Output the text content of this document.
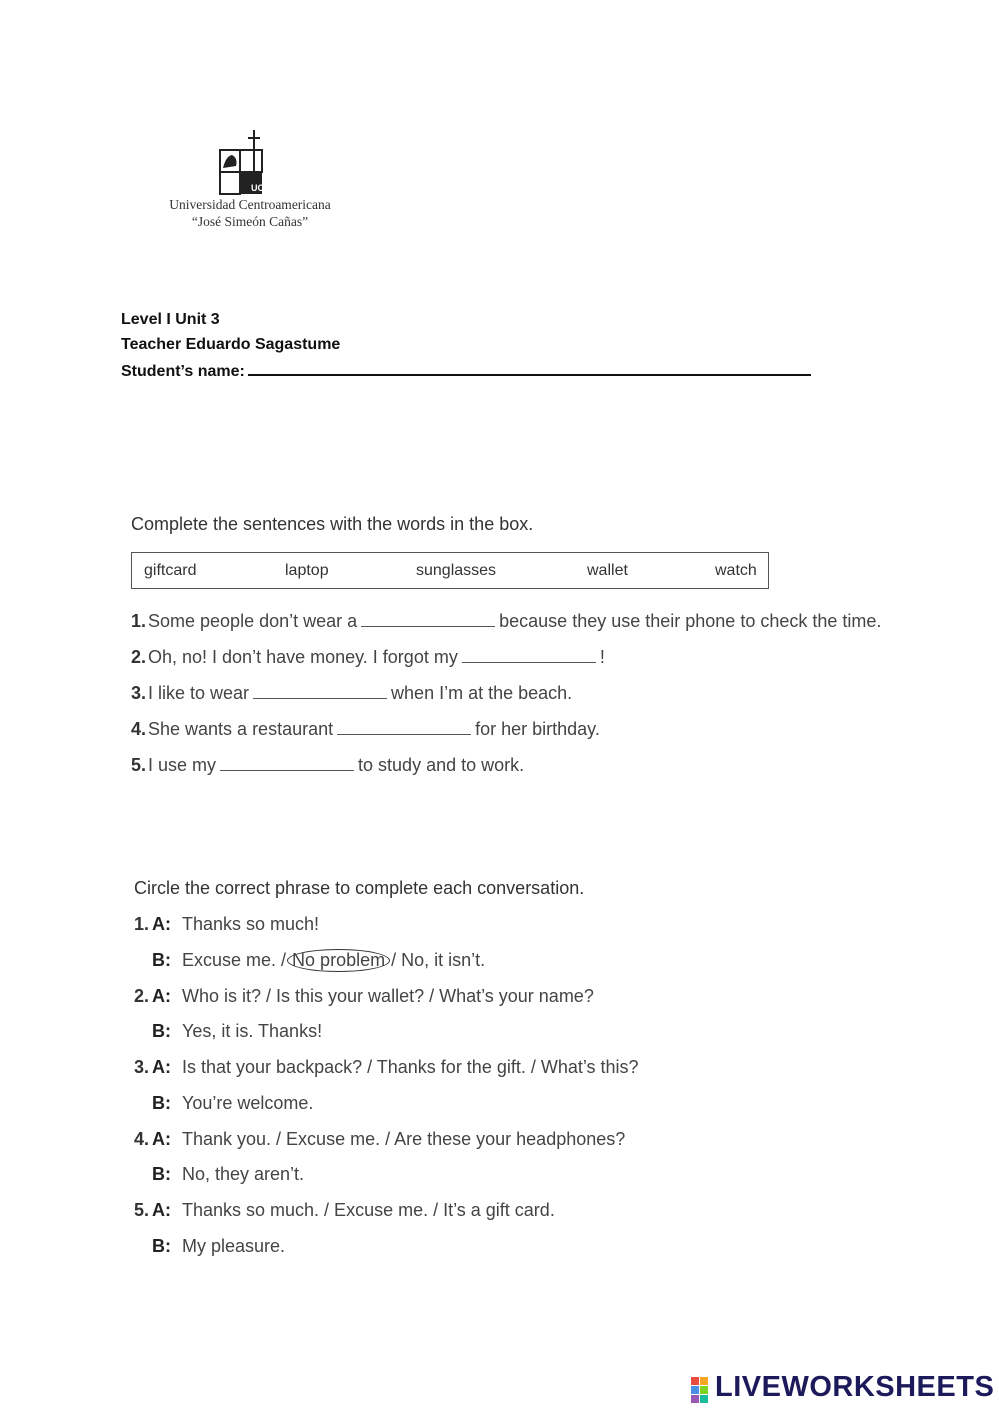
UCA
Universidad Centroamericana
“José Simeón Cañas”
Level I Unit 3
Teacher Eduardo Sagastume
Student’s name:
Complete the sentences with the words in the box.
giftcard	laptop	sunglasses	wallet	watch
1. Some people don’t wear a	because they use their phone to check the time.
2. Oh, no! I don’t have money. I forgot my	!
3. I like to wear	when I’m at the beach.
4. She wants a restaurant	for her birthday.
5. I use my	to study and to work.
Circle the correct phrase to complete each conversation.
1. A: Thanks so much!
B: Excuse me. / No problem / No, it isn’t.
2. A: Who is it? / Is this your wallet? / What’s your name?
B: Yes, it is. Thanks!
3. A: Is that your backpack? / Thanks for the gift. / What’s this?
B: You’re welcome.
4. A: Thank you. / Excuse me. / Are these your headphones?
B: No, they aren’t.
5. A: Thanks so much. / Excuse me. / It’s a gift card.
B: My pleasure.
LIVEWORKSHEETS
